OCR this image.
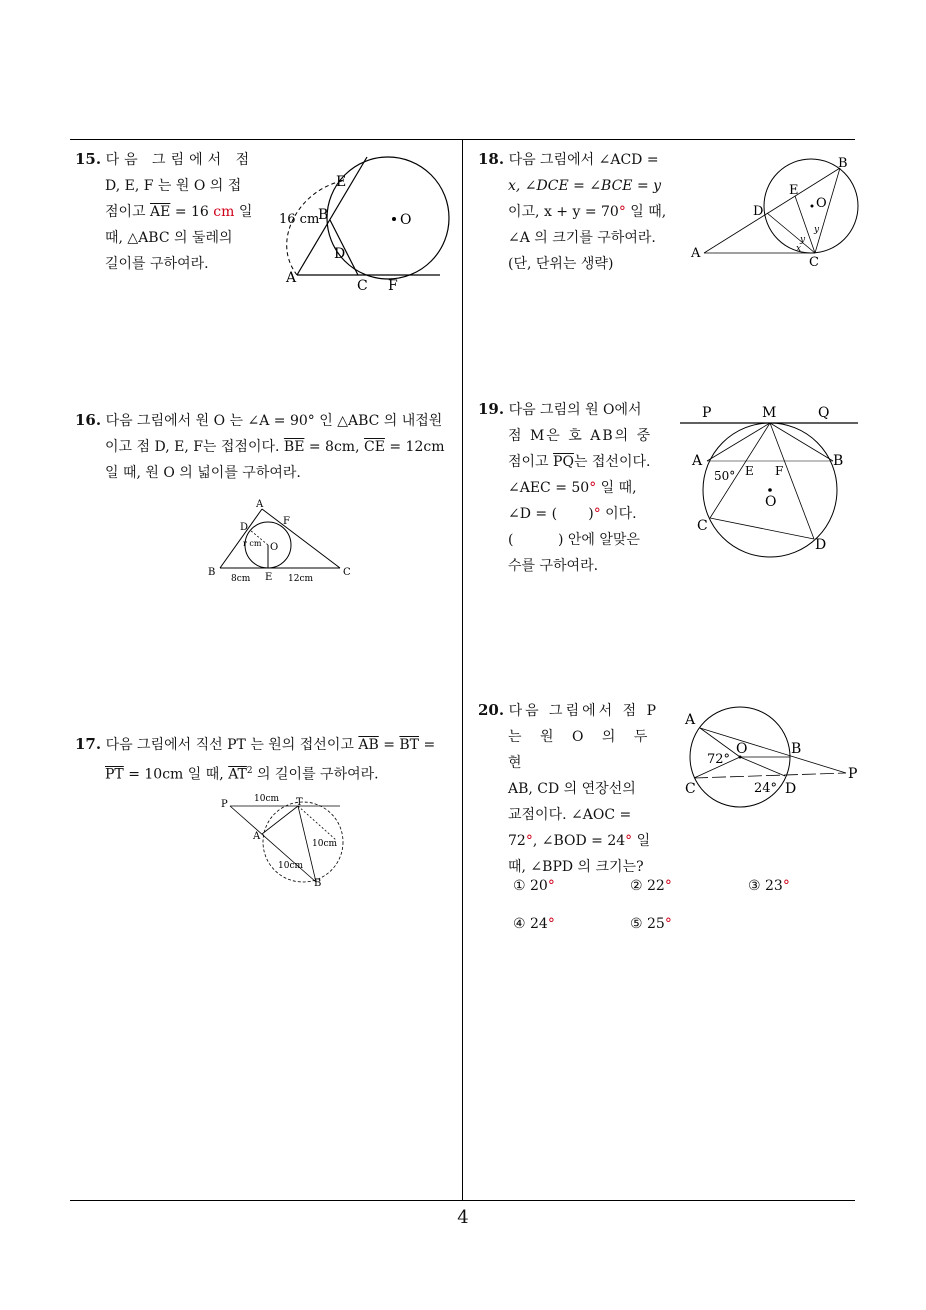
15. 다음 그림에서 점
D, E, F 는 원 O 의 접
점이고 $\overline{AE} = 16$ cm 일
때, △ABC 의 둘레의
길이를 구하여라.
O
A
B
C
D
E
F
16 cm
16. 다음 그림에서 원 O 는 ∠A = 90° 인 △ABC 의 내접원
이고 점 D, E, F는 접점이다. $\overline{BE} = 8cm$, $\overline{CE} = 12cm$
일 때, 원 O 의 넓이를 구하여라.
A
B	C
D
E
F
O
r cm
8cm	12cm
17. 다음 그림에서 직선 PT 는 원의 접선이고 $\overline{AB} = \overline{BT}$ =
$\overline{PT} = 10cm$ 일 때, $\overline{AT}^2$ 의 길이를 구하여라.
P	T
A
B
10cm
10cm
10cm
18. 다음 그림에서 ∠ACD =
x, ∠DCE = ∠BCE = y
이고, x + y = 70° 일 때,
∠A 의 크기를 구하여라.
(단, 단위는 생략)
A
B
C
D
E
O
x
y
y
19. 다음 그림의 원 O에서
점 M은 호 AB의 중
점이고 $\overline{PQ}$는 접선이다.
∠AEC = 50° 일 때,
∠D = (       )° 이다.
(          ) 안에 알맞은
수를 구하여라.
P	M	Q
A	B
E F
O
C
D
50°
20. 다음 그림에서 점 P
는 원 O 의 두 현
AB, CD 의 연장선의
교점이다. ∠AOC =
72°, ∠BOD = 24° 일
때, ∠BPD 의 크기는?
A
B
C	D
O
P
72°
24°
① 20°	② 22°	③ 23°
④ 24°	⑤ 25°
4
